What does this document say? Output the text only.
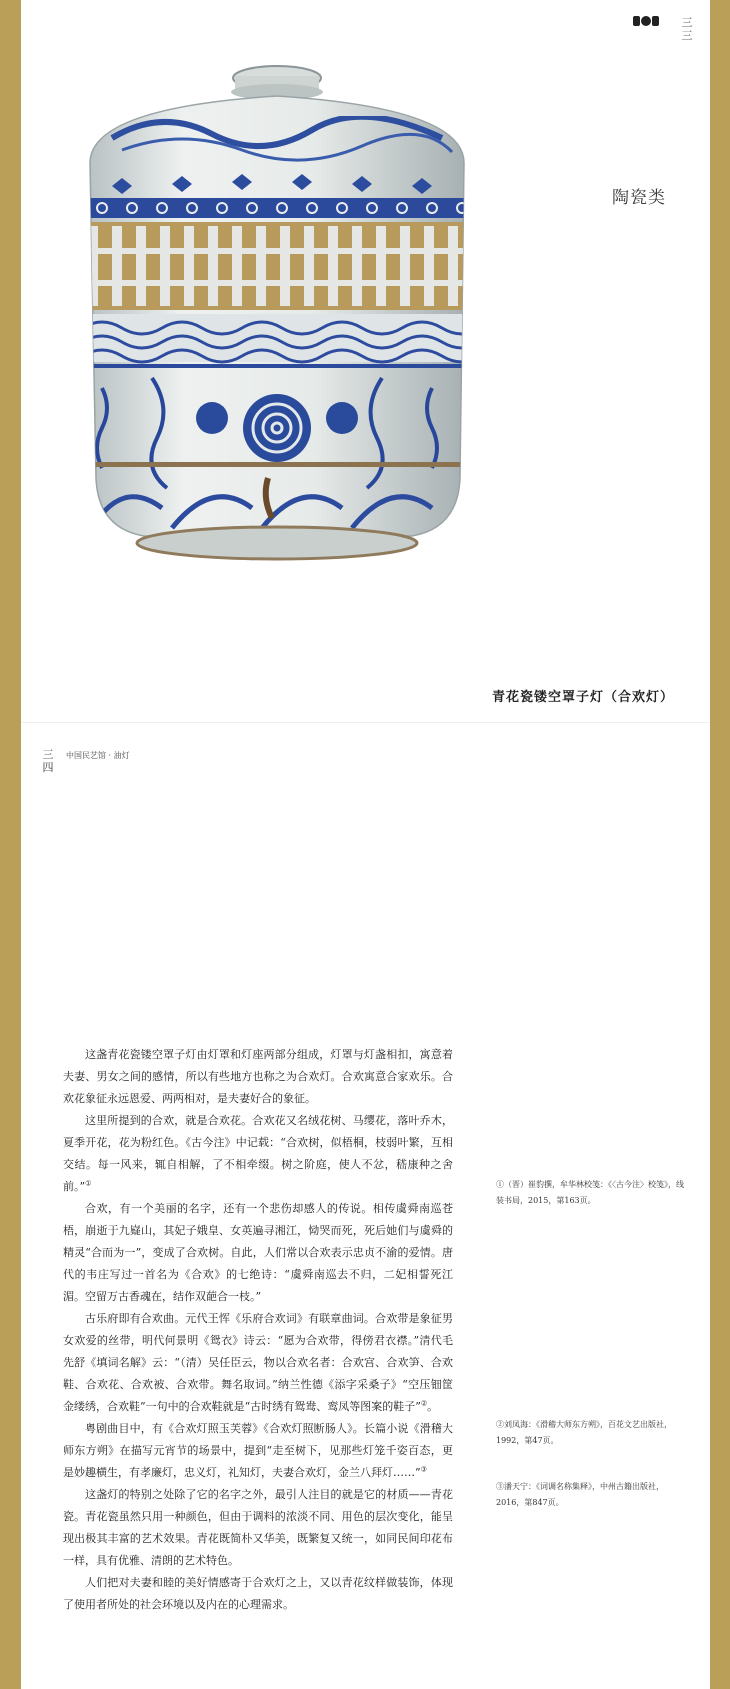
三三
陶瓷类
青花瓷镂空罩子灯（合欢灯）
三四
中国民艺馆 · 油灯

这盏青花瓷镂空罩子灯由灯罩和灯座两部分组成，灯罩与灯盏相扣，寓意着夫妻、男女之间的感情，所以有些地方也称之为合欢灯。合欢寓意合家欢乐。合欢花象征永远恩爱、两两相对，是夫妻好合的象征。

这里所提到的合欢，就是合欢花。合欢花又名绒花树、马缨花，落叶乔木，夏季开花，花为粉红色。《古今注》中记载：“合欢树，似梧桐，枝弱叶繁，互相交结。每一风来，辄自相解，了不相牵缀。树之阶庭，使人不忿，嵇康种之舍前。”①

合欢，有一个美丽的名字，还有一个悲伤却感人的传说。相传虞舜南巡苍梧，崩逝于九嶷山，其妃子娥皇、女英遍寻湘江，恸哭而死，死后她们与虞舜的精灵“合而为一”，变成了合欢树。自此，人们常以合欢表示忠贞不渝的爱情。唐代的韦庄写过一首名为《合欢》的七绝诗：“虞舜南巡去不归，二妃相誓死江湄。空留万古香魂在，结作双葩合一枝。”

古乐府即有合欢曲。元代王恽《乐府合欢词》有联章曲词。合欢带是象征男女欢爱的丝带，明代何景明《鸳衣》诗云：“愿为合欢带，得傍君衣襟。”清代毛先舒《填词名解》云：“（清）吴任臣云，物以合欢名者：合欢宫、合欢笋、合欢鞋、合欢花、合欢被、合欢带。舞名取词。”纳兰性德《添字采桑子》“空压钿筐金缕绣，合欢鞋”一句中的合欢鞋就是“古时绣有鸳鸯、鸾凤等图案的鞋子”②。

粤剧曲目中，有《合欢灯照玉芙蓉》《合欢灯照断肠人》。长篇小说《滑稽大师东方朔》在描写元宵节的场景中，提到“走至树下，见那些灯笼千姿百态，更是妙趣横生，有孝廉灯，忠义灯，礼知灯，夫妻合欢灯，金兰八拜灯……”③

这盏灯的特别之处除了它的名字之外，最引人注目的就是它的材质——青花瓷。青花瓷虽然只用一种颜色，但由于调料的浓淡不同、用色的层次变化，能呈现出极其丰富的艺术效果。青花既简朴又华美，既繁复又统一，如同民间印花布一样，具有优雅、清朗的艺术特色。

人们把对夫妻和睦的美好情感寄于合欢灯之上，又以青花纹样做装饰，体现了使用者所处的社会环境以及内在的心理需求。

①（晋）崔豹撰，牟华林校笺：《〈古今注〉校笺》，线装书局，2015，第163页。
②刘凤海：《滑稽大师东方朔》，百花文艺出版社，1992，第47页。
③潘天宁：《词调名称集释》，中州古籍出版社，2016，第847页。
